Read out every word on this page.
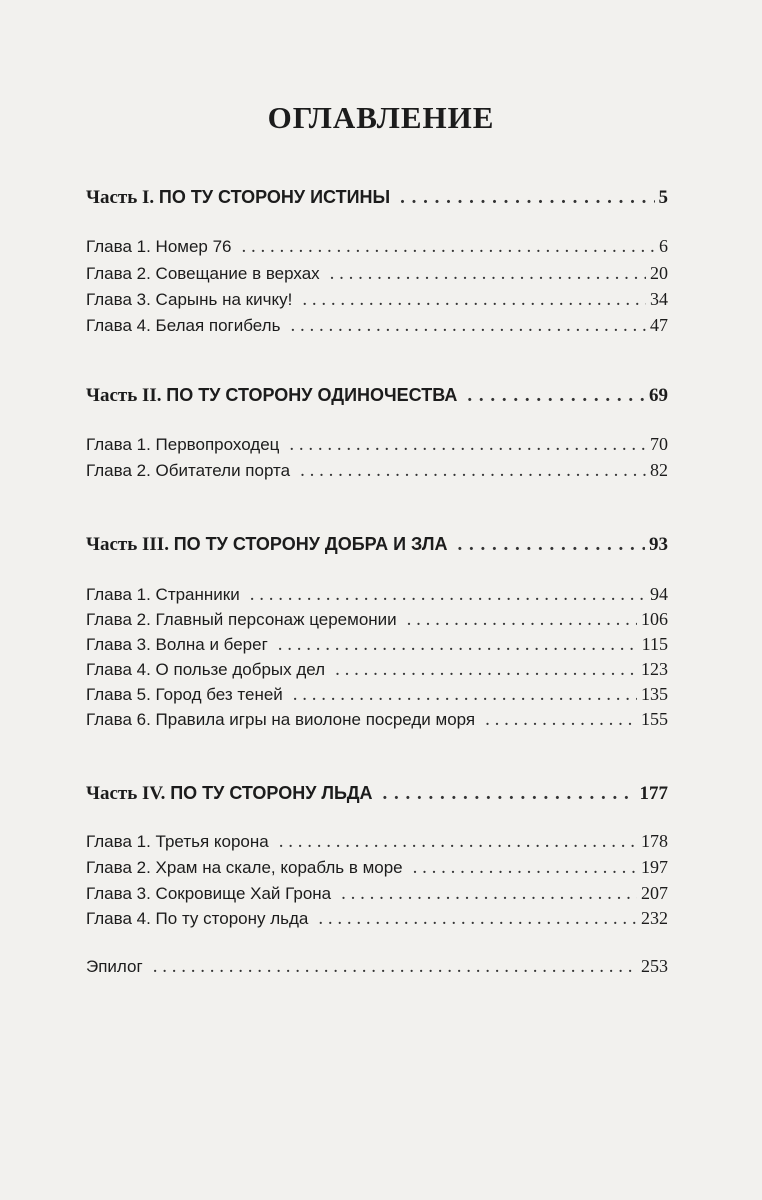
ОГЛАВЛЕНИЕ
Часть I. ПО ТУ СТОРОНУ ИСТИНЫ . . .	5
Глава 1. Номер 76 . . .	6
Глава 2. Совещание в верхах . . .	20
Глава 3. Сарынь на кичку! . . .	34
Глава 4. Белая погибель . . .	47
Часть II. ПО ТУ СТОРОНУ ОДИНОЧЕСТВА . . .	69
Глава 1. Первопроходец . . .	70
Глава 2. Обитатели порта . . .	82
Часть III. ПО ТУ СТОРОНУ ДОБРА И ЗЛА . . .	93
Глава 1. Странники . . .	94
Глава 2. Главный персонаж церемонии . . .	106
Глава 3. Волна и берег . . .	115
Глава 4. О пользе добрых дел . . .	123
Глава 5. Город без теней . . .	135
Глава 6. Правила игры на виолоне посреди моря . . .	155
Часть IV. ПО ТУ СТОРОНУ ЛЬДА . . .	177
Глава 1. Третья корона . . .	178
Глава 2. Храм на скале, корабль в море . . .	197
Глава 3. Сокровище Хай Грона . . .	207
Глава 4. По ту сторону льда . . .	232
Эпилог . . .	253
